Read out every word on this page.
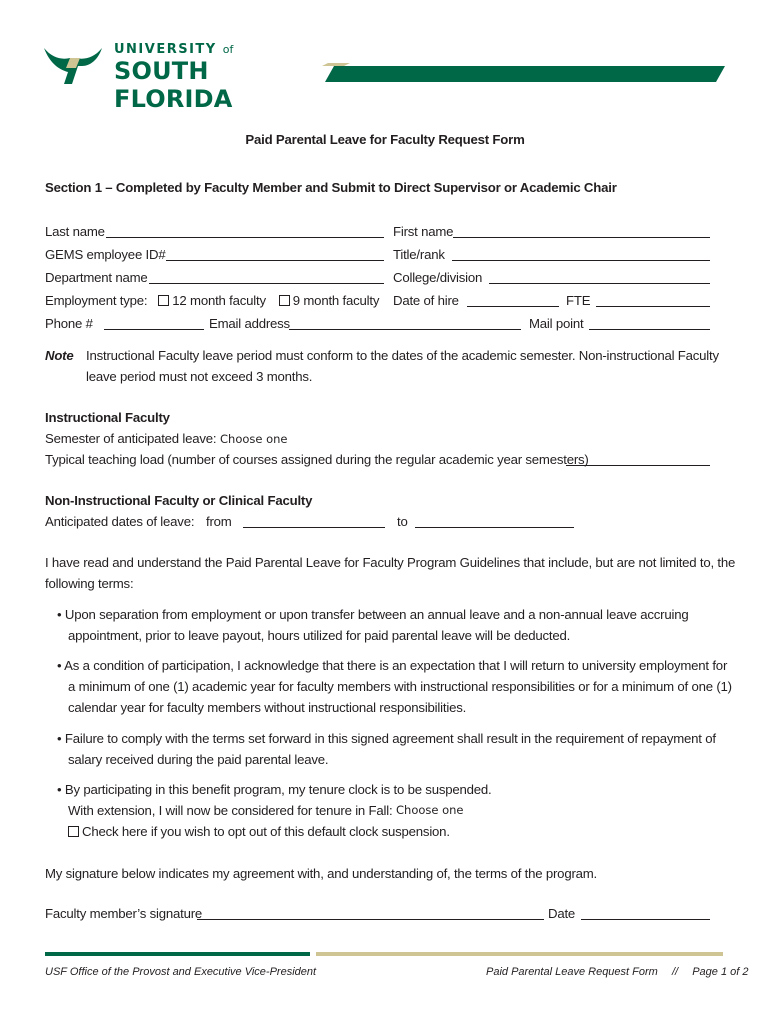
UNIVERSITY of
SOUTH FLORIDA
Paid Parental Leave for Faculty Request Form
Section 1 – Completed by Faculty Member and Submit to Direct Supervisor or Academic Chair
Last name	First name
GEMS employee ID#	Title/rank
Department name	College/division
Employment type: 12 month faculty 9 month faculty Date of hire	FTE
Phone #	Email address	Mail point
Note Instructional Faculty leave period must conform to the dates of the academic semester. Non-instructional Faculty
leave period must not exceed 3 months.
Instructional Faculty
Semester of anticipated leave: Choose one
Typical teaching load (number of courses assigned during the regular academic year semesters)
Non-Instructional Faculty or Clinical Faculty
Anticipated dates of leave: from	to
I have read and understand the Paid Parental Leave for Faculty Program Guidelines that include, but are not limited to, the
following terms:
• Upon separation from employment or upon transfer between an annual leave and a non-annual leave accruing
appointment, prior to leave payout, hours utilized for paid parental leave will be deducted.
• As a condition of participation, I acknowledge that there is an expectation that I will return to university employment for
a minimum of one (1) academic year for faculty members with instructional responsibilities or for a minimum of one (1)
calendar year for faculty members without instructional responsibilities.
• Failure to comply with the terms set forward in this signed agreement shall result in the requirement of repayment of
salary received during the paid parental leave.
• By participating in this benefit program, my tenure clock is to be suspended.
With extension, I will now be considered for tenure in Fall: Choose one
Check here if you wish to opt out of this default clock suspension.
My signature below indicates my agreement with, and understanding of, the terms of the program.
Faculty member’s signature	Date
USF Office of the Provost and Executive Vice-President	Paid Parental Leave Request Form // Page 1 of 2
